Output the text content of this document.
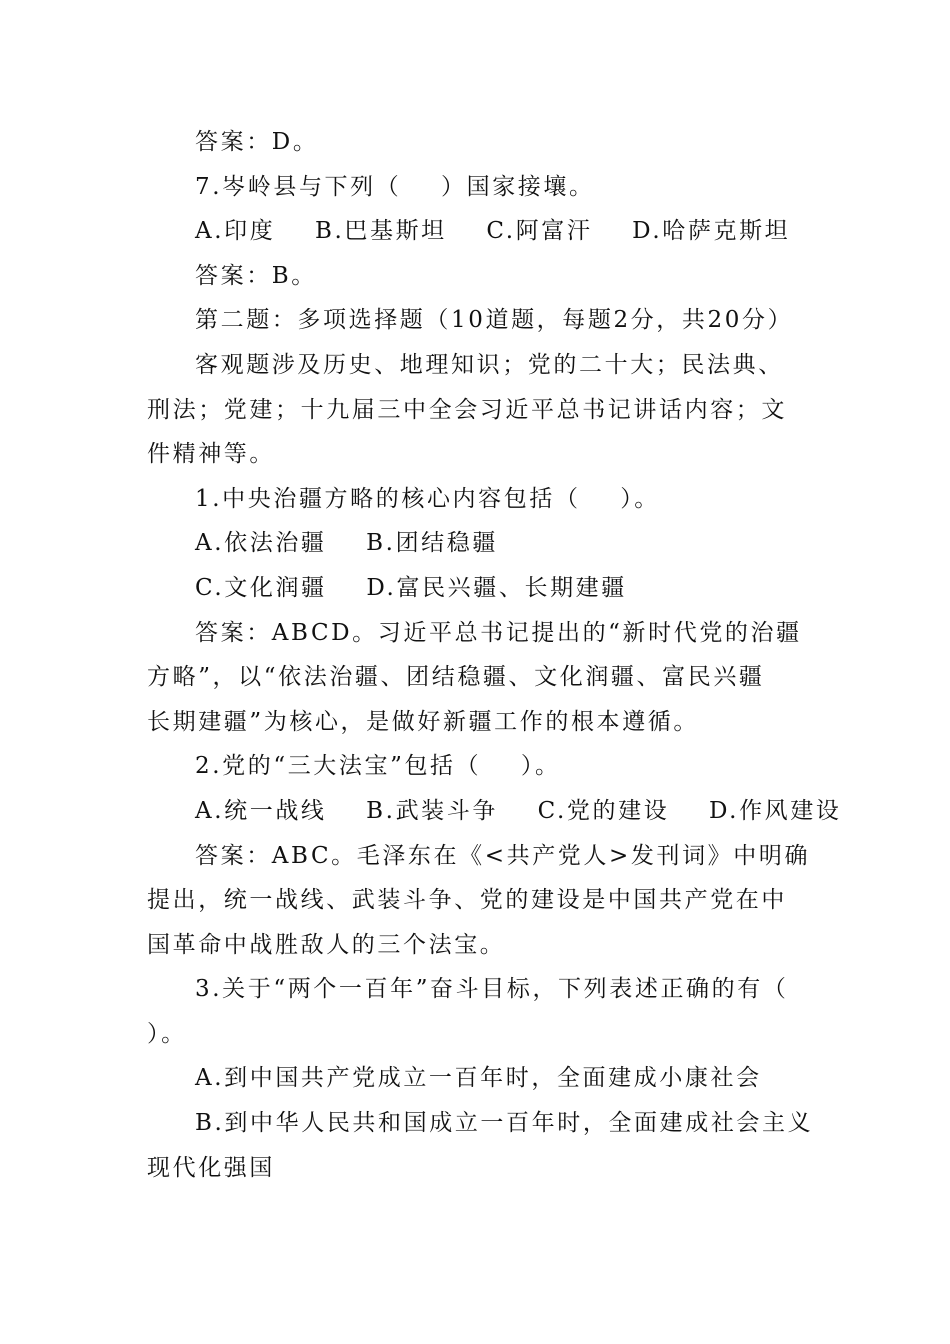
答案：D。
7.岑岭县与下列（    ）国家接壤。
A.印度    B.巴基斯坦    C.阿富汗    D.哈萨克斯坦
答案：B。
第二题：多项选择题（10道题，每题2分，共20分）
客观题涉及历史、地理知识；党的二十大；民法典、
刑法；党建；十九届三中全会习近平总书记讲话内容；文
件精神等。
1.中央治疆方略的核心内容包括（    ）。
A.依法治疆    B.团结稳疆
C.文化润疆    D.富民兴疆、长期建疆
答案：ABCD。习近平总书记提出的“新时代党的治疆
方略”，以“依法治疆、团结稳疆、文化润疆、富民兴疆
长期建疆”为核心，是做好新疆工作的根本遵循。
2.党的“三大法宝”包括（    ）。
A.统一战线    B.武装斗争    C.党的建设    D.作风建设
答案：ABC。毛泽东在《<共产党人>发刊词》中明确
提出，统一战线、武装斗争、党的建设是中国共产党在中
国革命中战胜敌人的三个法宝。
3.关于“两个一百年”奋斗目标，下列表述正确的有（
）。
A.到中国共产党成立一百年时，全面建成小康社会
B.到中华人民共和国成立一百年时，全面建成社会主义
现代化强国
